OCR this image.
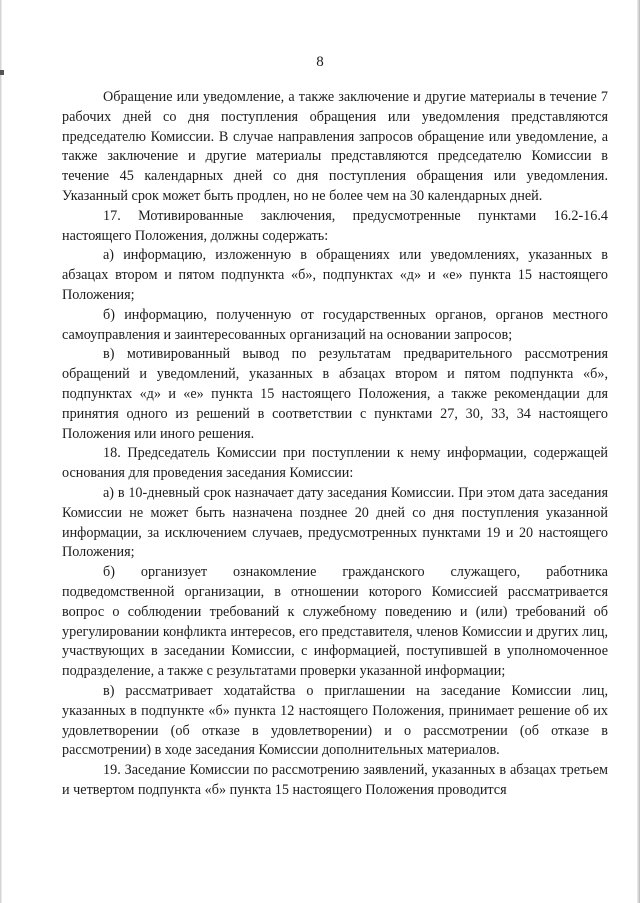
8

Обращение или уведомление, а также заключение и другие материалы в течение 7 рабочих дней со дня поступления обращения или уведомления представляются председателю Комиссии. В случае направления запросов обращение или уведомление, а также заключение и другие материалы представляются председателю Комиссии в течение 45 календарных дней со дня поступления обращения или уведомления. Указанный срок может быть продлен, но не более чем на 30 календарных дней.

17. Мотивированные заключения, предусмотренные пунктами 16.2-16.4 настоящего Положения, должны содержать:

а) информацию, изложенную в обращениях или уведомлениях, указанных в абзацах втором и пятом подпункта «б», подпунктах «д» и «е» пункта 15 настоящего Положения;

б) информацию, полученную от государственных органов, органов местного самоуправления и заинтересованных организаций на основании запросов;

в) мотивированный вывод по результатам предварительного рассмотрения обращений и уведомлений, указанных в абзацах втором и пятом подпункта «б», подпунктах «д» и «е» пункта 15 настоящего Положения, а также рекомендации для принятия одного из решений в соответствии с пунктами 27, 30, 33, 34 настоящего Положения или иного решения.

18. Председатель Комиссии при поступлении к нему информации, содержащей основания для проведения заседания Комиссии:

а) в 10-дневный срок назначает дату заседания Комиссии. При этом дата заседания Комиссии не может быть назначена позднее 20 дней со дня поступления указанной информации, за исключением случаев, предусмотренных пунктами 19 и 20 настоящего Положения;

б) организует ознакомление гражданского служащего, работника подведомственной организации, в отношении которого Комиссией рассматривается вопрос о соблюдении требований к служебному поведению и (или) требований об урегулировании конфликта интересов, его представителя, членов Комиссии и других лиц, участвующих в заседании Комиссии, с информацией, поступившей в уполномоченное подразделение, а также с результатами проверки указанной информации;

в) рассматривает ходатайства о приглашении на заседание Комиссии лиц, указанных в подпункте «б» пункта 12 настоящего Положения, принимает решение об их удовлетворении (об отказе в удовлетворении) и о рассмотрении (об отказе в рассмотрении) в ходе заседания Комиссии дополнительных материалов.

19. Заседание Комиссии по рассмотрению заявлений, указанных в абзацах третьем и четвертом подпункта «б» пункта 15 настоящего Положения проводится
